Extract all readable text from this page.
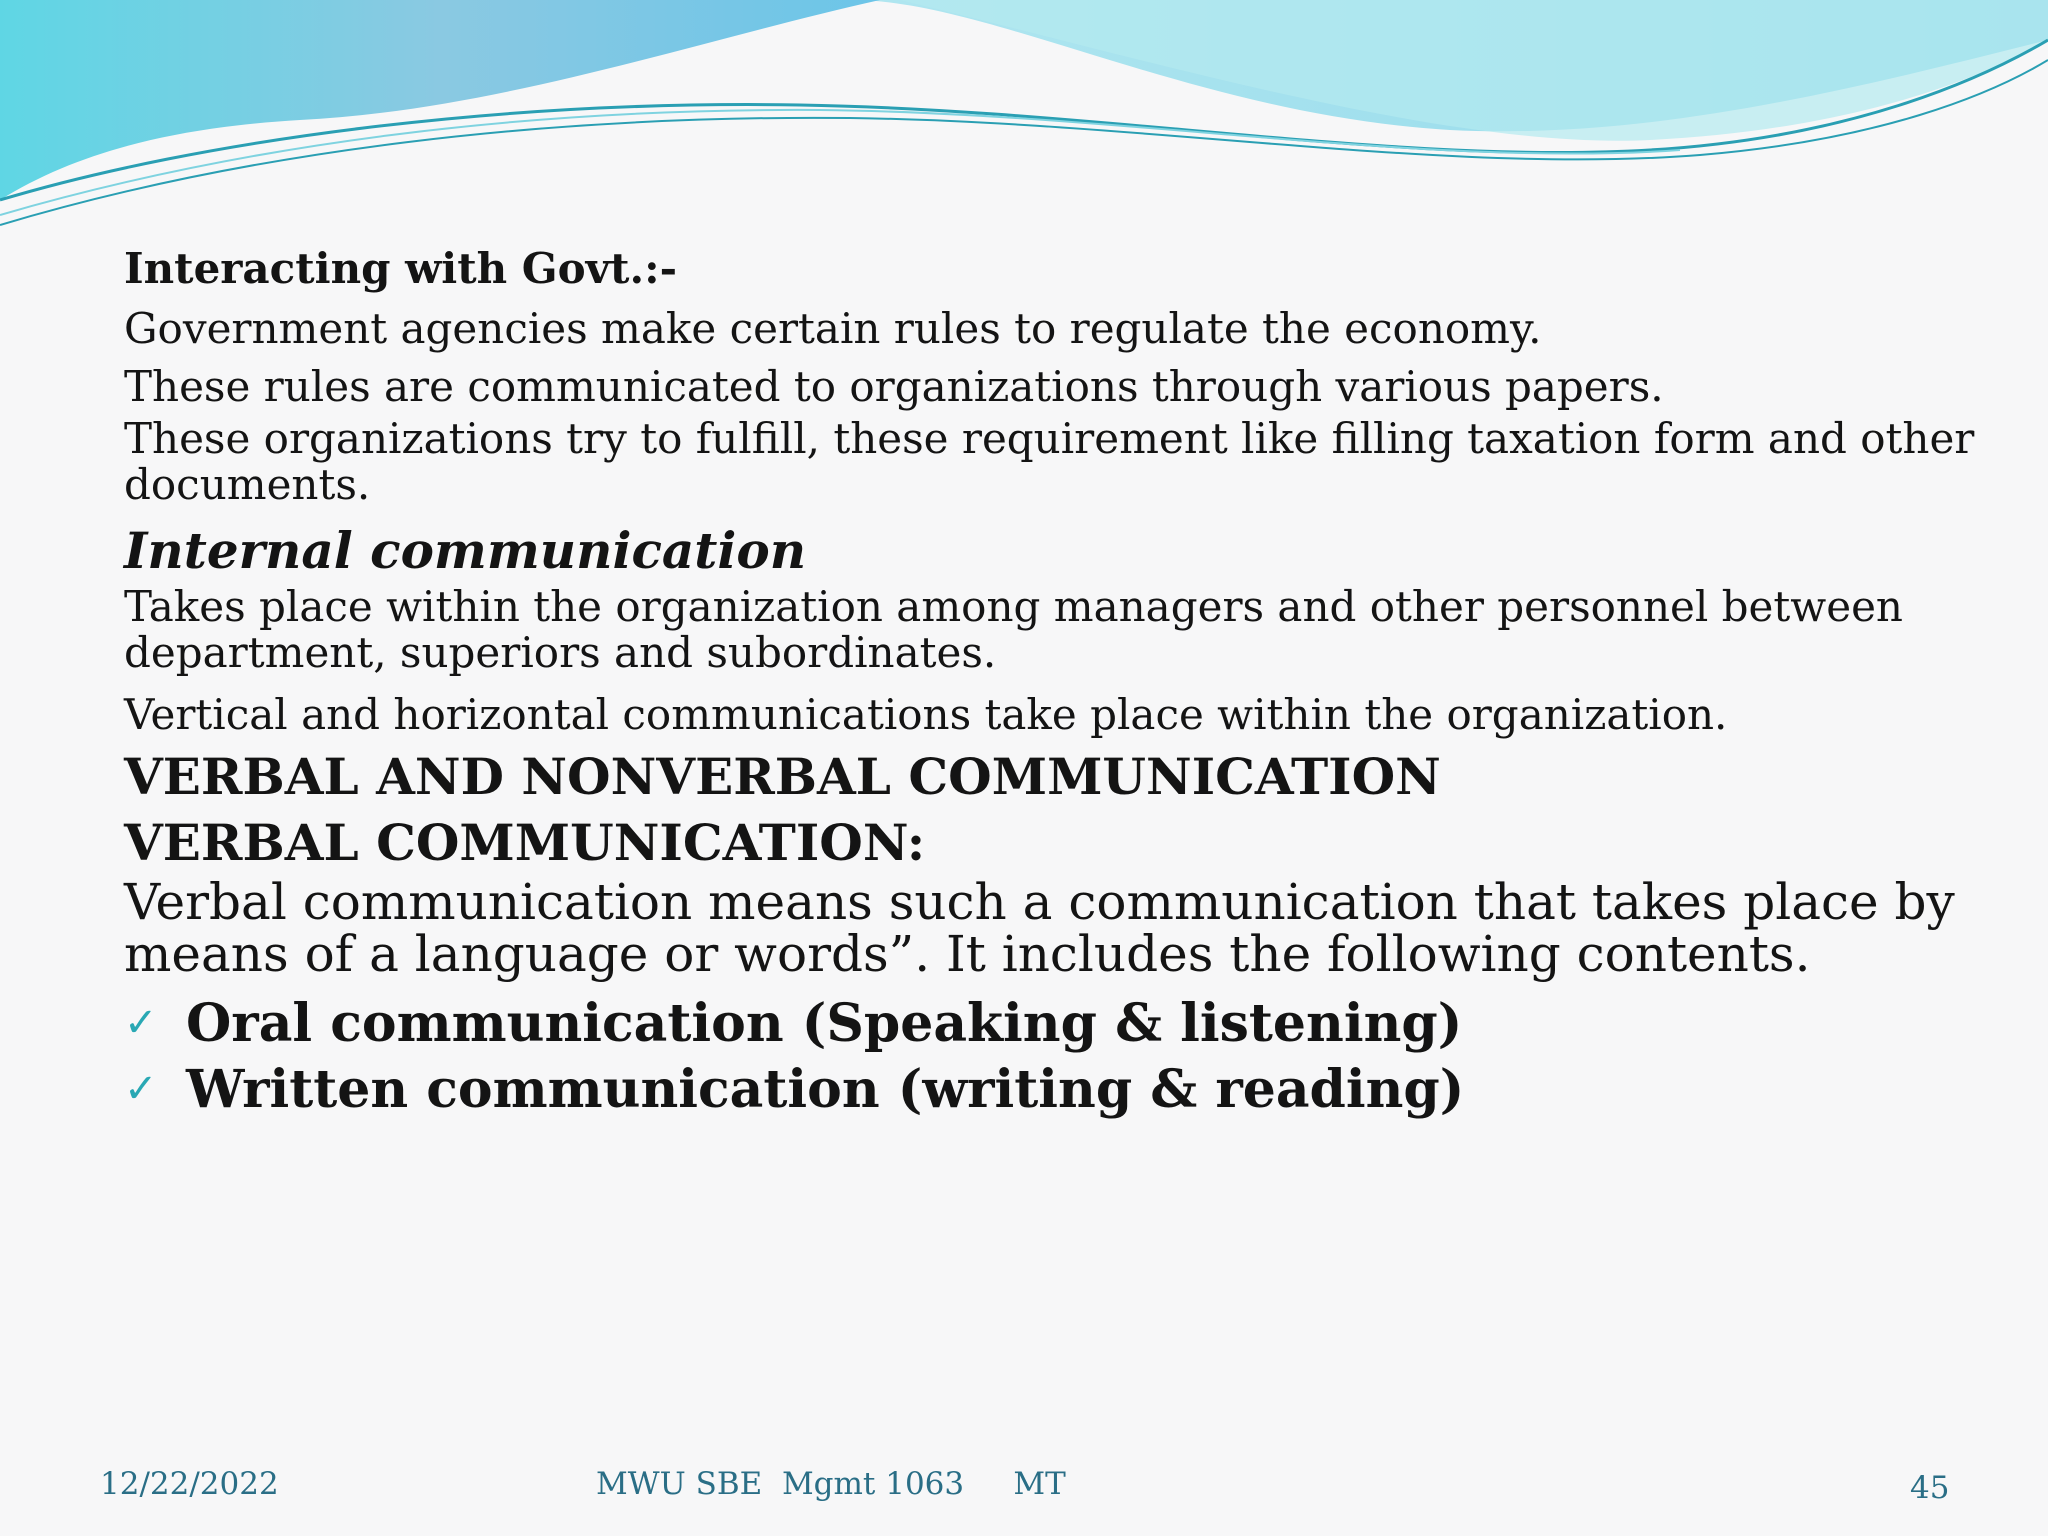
Interacting with Govt.:-

Government agencies make certain rules to regulate the economy.

These rules are communicated to organizations through various papers.

These organizations try to fulfill, these requirement like filling taxation form and other

documents.

Internal communication

Takes place within the organization among managers and other personnel between

department, superiors and subordinates.

Vertical and horizontal communications take place within the organization.

VERBAL AND NONVERBAL COMMUNICATION

VERBAL COMMUNICATION:

Verbal communication means such a communication that takes place by

means of a language or words”. It includes the following contents.

✓ Oral communication (Speaking & listening)
✓ Written communication (writing & reading)
12/22/2022	MWU SBE  Mgmt 1063     MT	45
